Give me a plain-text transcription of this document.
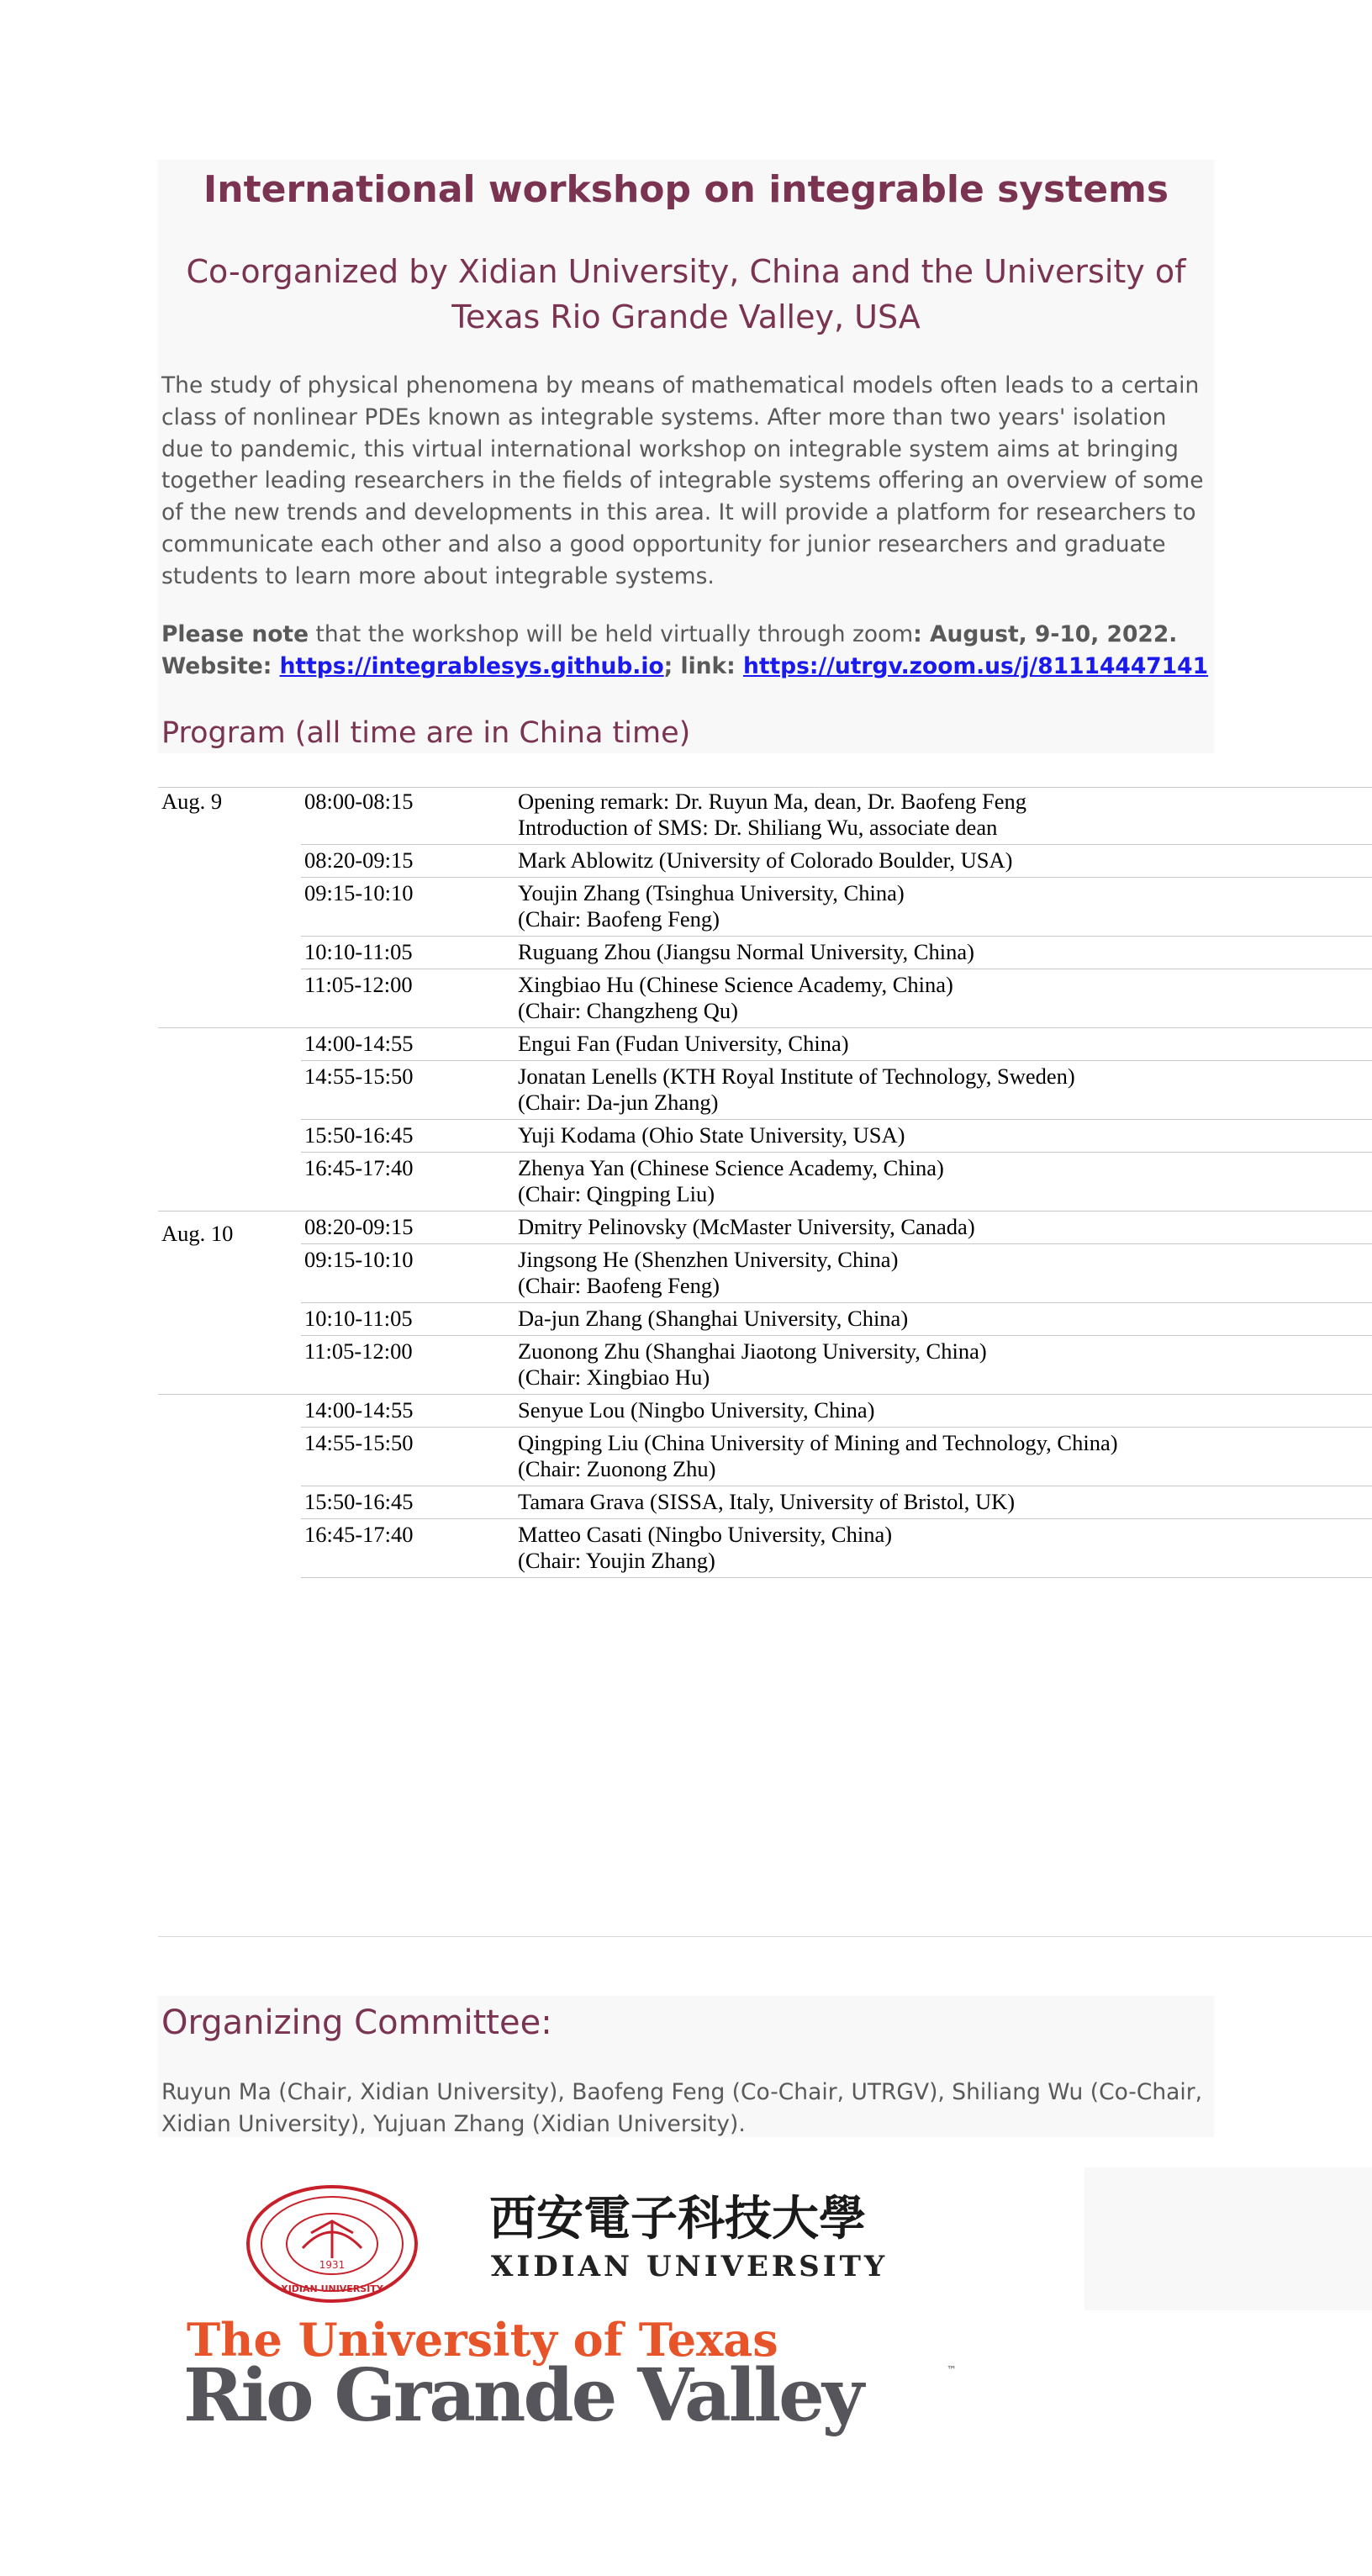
International workshop on integrable systems
Co-organized by Xidian University, China and the University of Texas Rio Grande Valley, USA
The study of physical phenomena by means of mathematical models often leads to a certain class of nonlinear PDEs known as integrable systems. After more than two years' isolation due to pandemic, this virtual international workshop on integrable system aims at bringing together leading researchers in the fields of integrable systems offering an overview of some of the new trends and developments in this area. It will provide a platform for researchers to communicate each other and also a good opportunity for junior researchers and graduate students to learn more about integrable systems.
Please note that the workshop will be held virtually through zoom: August, 9-10, 2022. Website: https://integrablesys.github.io; link: https://utrgv.zoom.us/j/81114447141
Program (all time are in China time)
Aug. 9	08:00-08:15	Opening remark: Dr. Ruyun Ma, dean, Dr. Baofeng Feng
Introduction of SMS: Dr. Shiliang Wu, associate dean
08:20-09:15	Mark Ablowitz (University of Colorado Boulder, USA)
09:15-10:10	Youjin Zhang (Tsinghua University, China)
(Chair: Baofeng Feng)
10:10-11:05	Ruguang Zhou (Jiangsu Normal University, China)
11:05-12:00	Xingbiao Hu (Chinese Science Academy, China)
(Chair: Changzheng Qu)
14:00-14:55	Engui Fan (Fudan University, China)
14:55-15:50	Jonatan Lenells (KTH Royal Institute of Technology, Sweden)
(Chair: Da-jun Zhang)
15:50-16:45	Yuji Kodama (Ohio State University, USA)
16:45-17:40	Zhenya Yan (Chinese Science Academy, China)
(Chair: Qingping Liu)
Aug. 10	08:20-09:15	Dmitry Pelinovsky (McMaster University, Canada)
09:15-10:10	Jingsong He (Shenzhen University, China)
(Chair: Baofeng Feng)
10:10-11:05	Da-jun Zhang (Shanghai University, China)
11:05-12:00	Zuonong Zhu (Shanghai Jiaotong University, China)
(Chair: Xingbiao Hu)
14:00-14:55	Senyue Lou (Ningbo University, China)
14:55-15:50	Qingping Liu (China University of Mining and Technology, China)
(Chair: Zuonong Zhu)
15:50-16:45	Tamara Grava (SISSA, Italy, University of Bristol, UK)
16:45-17:40	Matteo Casati (Ningbo University, China)
(Chair: Youjin Zhang)
Organizing Committee:
Ruyun Ma (Chair, Xidian University), Baofeng Feng (Co-Chair, UTRGV), Shiliang Wu (Co-Chair, Xidian University), Yujuan Zhang (Xidian University).
1931
XIDIAN UNIVERSITY
西安電子科技大學
XIDIAN UNIVERSITY
The University of Texas
Rio Grande Valley	™
